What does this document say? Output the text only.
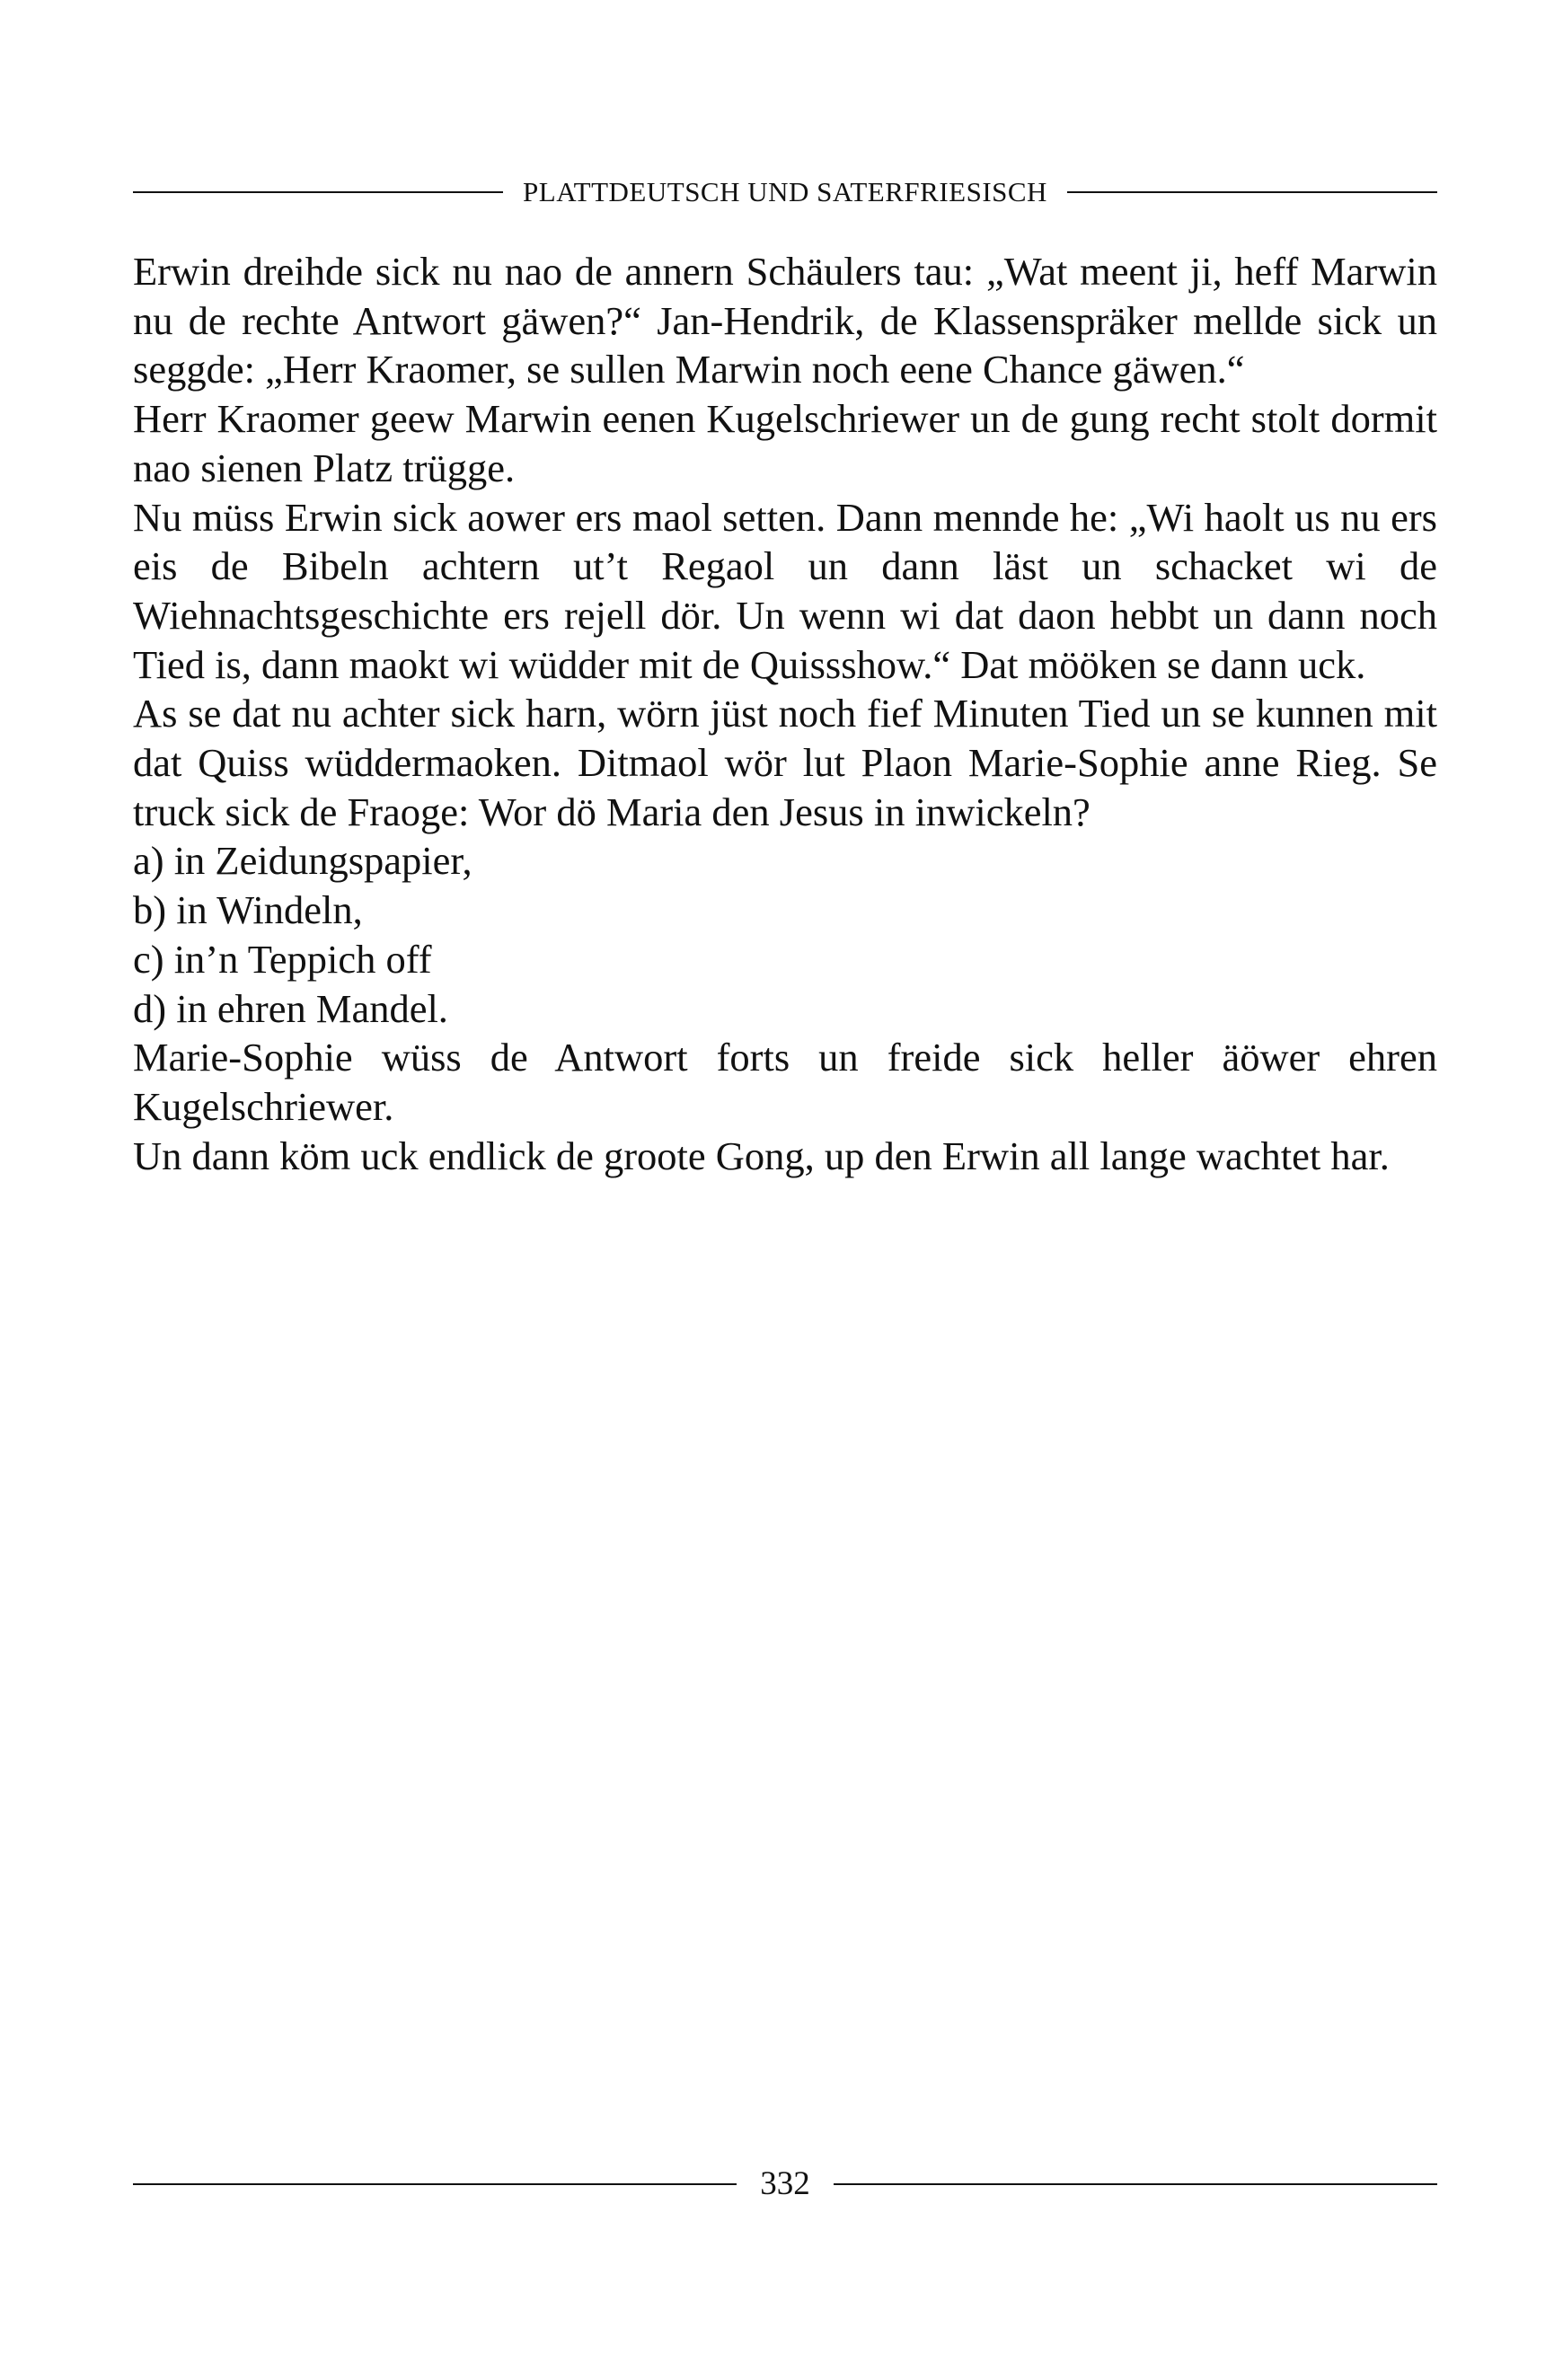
PLATTDEUTSCH UND SATERFRIESISCH

Erwin dreihde sick nu nao de annern Schäulers tau: „Wat meent ji, heff Marwin nu de rechte Antwort gäwen?“ Jan-Hendrik, de Klassenspräker mellde sick un seggde: „Herr Kraomer, se sullen Marwin noch eene Chance gäwen.“

Herr Kraomer geew Marwin eenen Kugelschriewer un de gung recht stolt dormit nao sienen Platz trügge.

Nu müss Erwin sick aower ers maol setten. Dann mennde he: „Wi haolt us nu ers eis de Bibeln achtern ut’t Regaol un dann läst un schacket wi de Wiehnachtsgeschichte ers rejell dör. Un wenn wi dat daon hebbt un dann noch Tied is, dann maokt wi wüdder mit de Quissshow.“ Dat mööken se dann uck.

As se dat nu achter sick harn, wörn jüst noch fief Minuten Tied un se kunnen mit dat Quiss wüddermaoken. Ditmaol wör lut Plaon Marie-Sophie anne Rieg. Se truck sick de Fraoge: Wor dö Maria den Jesus in inwickeln?

a) in Zeidungspapier,

b) in Windeln,

c) in’n Teppich off

d) in ehren Mandel.

Marie-Sophie wüss de Antwort forts un freide sick heller äöwer ehren Kugelschriewer.

Un dann köm uck endlick de groote Gong, up den Erwin all lange wachtet har.

332
